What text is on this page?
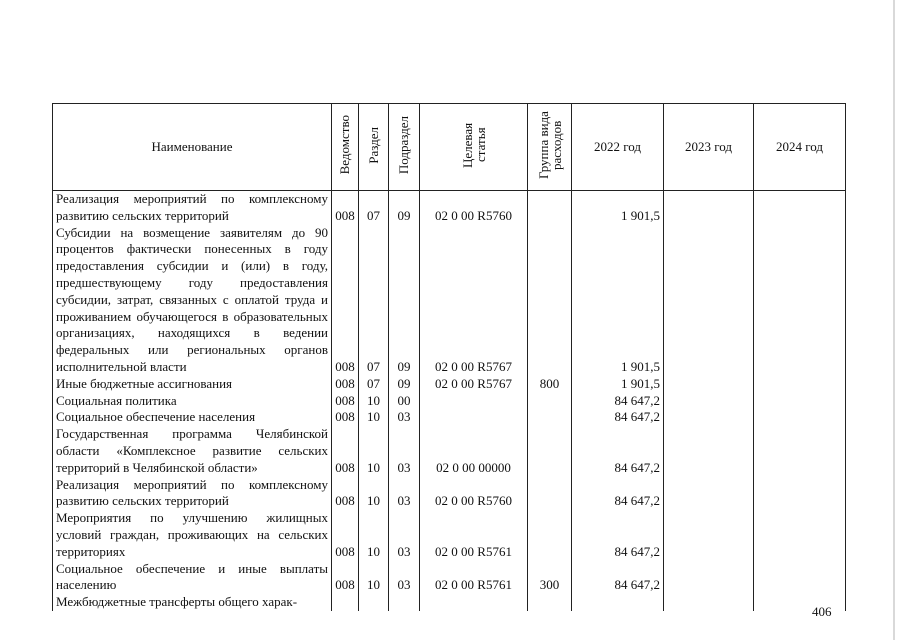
Наименование	Ведомство	Раздел	Подраздел	Целевая статья	Группа вида расходов	2022 год	2023 год	2024 год
Реализация мероприятий по комплексному развитию сельских территорий	008	07	09	02 0 00 R5760		1 901,5		
Субсидии на возмещение заявителям до 90 процентов фактически понесенных в году предоставления субсидии и (или) в году, предшествующему году предоставления субсидии, затрат, связанных с оплатой труда и проживанием обучающегося в образовательных организациях, находящихся в ведении федеральных или региональных органов исполнительной власти	008	07	09	02 0 00 R5767		1 901,5		
Иные бюджетные ассигнования	008	07	09	02 0 00 R5767	800	1 901,5		
Социальная политика	008	10	00			84 647,2		
Социальное обеспечение населения	008	10	03			84 647,2		
Государственная программа Челябинской области «Комплексное развитие сельских территорий в Челябинской области»	008	10	03	02 0 00 00000		84 647,2		
Реализация мероприятий по комплексному развитию сельских территорий	008	10	03	02 0 00 R5760		84 647,2		
Мероприятия по улучшению жилищных условий граждан, проживающих на сельских территориях	008	10	03	02 0 00 R5761		84 647,2		
Социальное обеспечение и иные выплаты населению	008	10	03	02 0 00 R5761	300	84 647,2		
Межбюджетные трансферты общего харак-								
406
